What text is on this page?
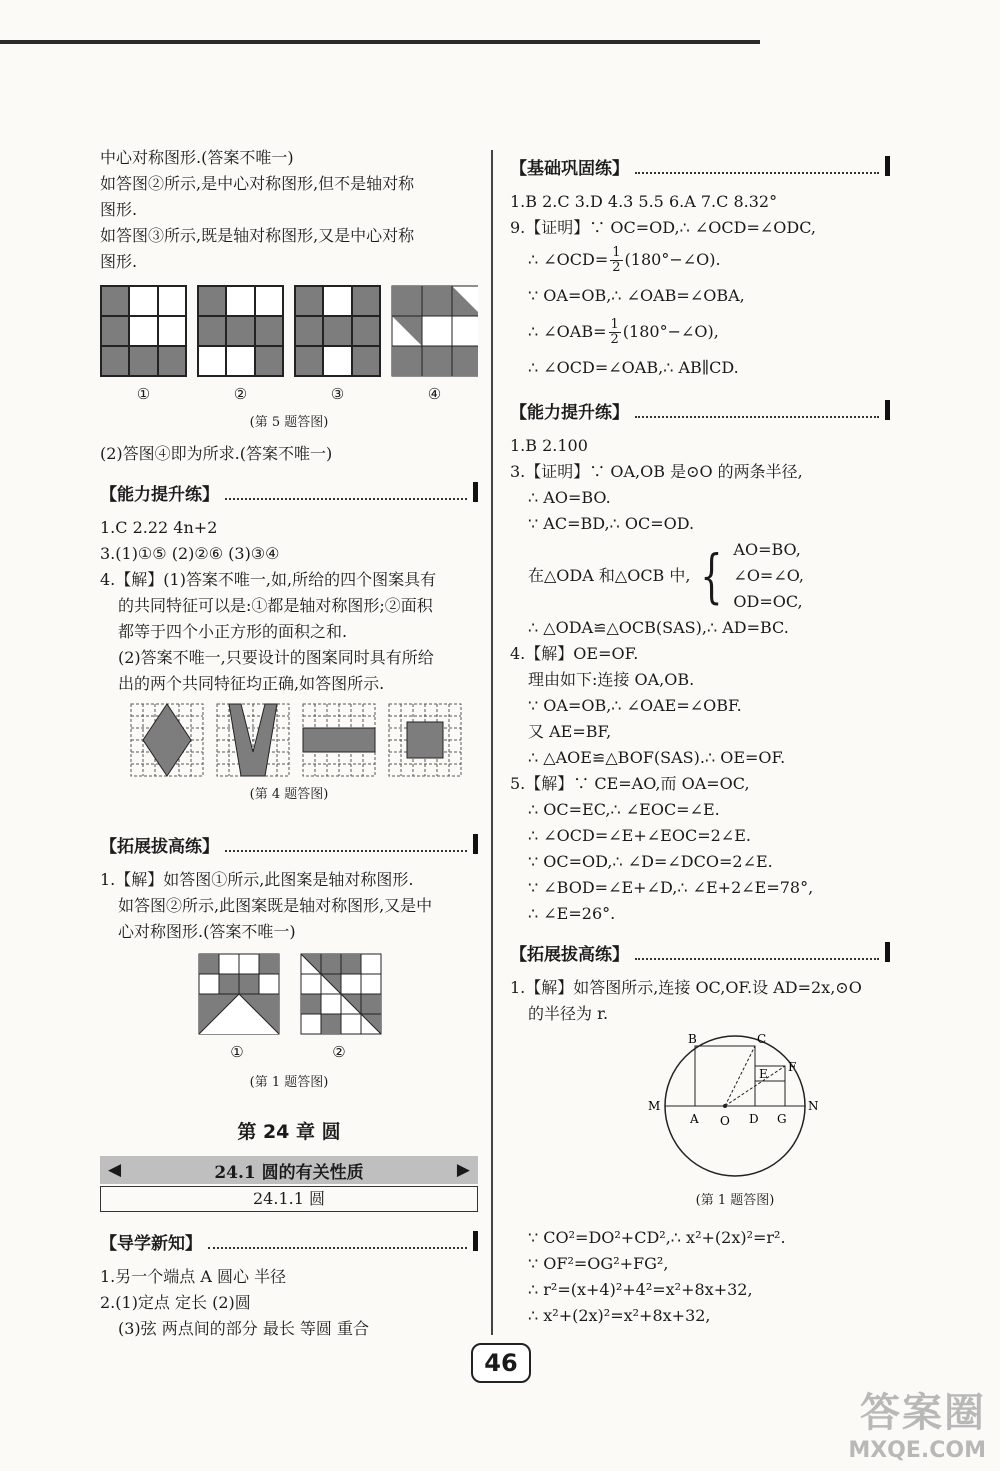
中心对称图形.(答案不唯一)
如答图②所示,是中心对称图形,但不是轴对称
图形.
如答图③所示,既是轴对称图形,又是中心对称
图形.
①	②	③	④
(第 5 题答图)
(2)答图④即为所求.(答案不唯一)
【能力提升练】
1.C 2.22 4n+2
3.(1)①⑤ (2)②⑥ (3)③④
4.【解】(1)答案不唯一,如,所给的四个图案具有
的共同特征可以是:①都是轴对称图形;②面积
都等于四个小正方形的面积之和.
(2)答案不唯一,只要设计的图案同时具有所给
出的两个共同特征均正确,如答图所示.
(第 4 题答图)
【拓展拔高练】
1.【解】如答图①所示,此图案是轴对称图形.
如答图②所示,此图案既是轴对称图形,又是中
心对称图形.(答案不唯一)
①	②
(第 1 题答图)
第 24 章 圆
◀	24.1 圆的有关性质	▶
24.1.1 圆
【导学新知】
1.另一个端点 A 圆心 半径
2.(1)定点 定长 (2)圆
(3)弦 两点间的部分 最长 等圆 重合
【基础巩固练】
1.B 2.C 3.D 4.3 5.5 6.A 7.C 8.32°
9.【证明】∵ OC=OD,∴ ∠OCD=∠ODC,
∴ ∠OCD= $\frac{1}{2}$ (180°−∠O).
∵ OA=OB,∴ ∠OAB=∠OBA,
∴ ∠OAB= $\frac{1}{2}$ (180°−∠O),
∴ ∠OCD=∠OAB,∴ AB∥CD.
【能力提升练】
1.B 2.100
3.【证明】∵ OA,OB 是⊙O 的两条半径,
∴ AO=BO.
∵ AC=BD,∴ OC=OD.
在△ODA 和△OCB 中, { AO=BO,
∠O=∠O,
OD=OC,
∴ △ODA≌△OCB(SAS),∴ AD=BC.
4.【解】OE=OF.
理由如下:连接 OA,OB.
∵ OA=OB,∴ ∠OAE=∠OBF.
又 AE=BF,
∴ △AOE≌△BOF(SAS).∴ OE=OF.
5.【解】∵ CE=AO,而 OA=OC,
∴ OC=EC,∴ ∠EOC=∠E.
∴ ∠OCD=∠E+∠EOC=2∠E.
∵ OC=OD,∴ ∠D=∠DCO=2∠E.
∵ ∠BOD=∠E+∠D,∴ ∠E+2∠E=78°,
∴ ∠E=26°.
【拓展拔高练】
1.【解】如答图所示,连接 OC,OF.设 AD=2x,⊙O
的半径为 r.
B	C
E F
M
A O D G
N
(第 1 题答图)
∵ CO²=DO²+CD²,∴ x²+(2x)²=r².
∵ OF²=OG²+FG²,
∴ r²=(x+4)²+4²=x²+8x+32,
∴ x²+(2x)²=x²+8x+32,
46
答案圈
MXQE.COM
